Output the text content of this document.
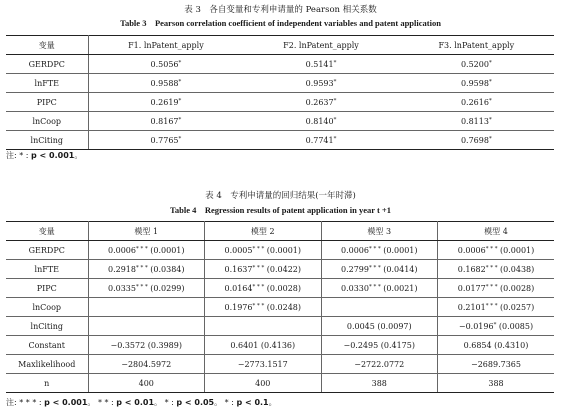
表 3　各自变量和专利申请量的 Pearson 相关系数
Table 3　Pearson correlation coefficient of independent variables and patent application
变量	F1. lnPatent_apply	F2. lnPatent_apply	F3. lnPatent_apply
GERDPC	0.5056*	0.5141*	0.5200*
lnFTE	0.9588*	0.9593*	0.9598*
PIPC	0.2619*	0.2637*	0.2616*
lnCoop	0.8167*	0.8140*	0.8113*
lnCiting	0.7765*	0.7741*	0.7698*
注: * : p < 0.001。
表 4　专利申请量的回归结果(一年时滞)
Table 4　Regression results of patent application in year t +1
变量	模型 1	模型 2	模型 3	模型 4
GERDPC	0.0006* * * (0.0001)	0.0005* * * (0.0001)	0.0006* * * (0.0001)	0.0006* * * (0.0001)
lnFTE	0.2918* * * (0.0384)	0.1637* * * (0.0422)	0.2799* * * (0.0414)	0.1682* * * (0.0438)
PIPC	0.0335* * * (0.0299)	0.0164* * * (0.0028)	0.0330* * * (0.0021)	0.0177* * * (0.0028)
lnCoop		0.1976* * * (0.0248)		0.2101* * * (0.0257)
lnCiting			0.0045 (0.0097)	−0.0196* (0.0085)
Constant	−0.3572 (0.3989)	0.6401 (0.4136)	−0.2495 (0.4175)	0.6854 (0.4310)
Maxlikelihood	−2804.5972	−2773.1517	−2722.0772	−2689.7365
n	400	400	388	388
注: * * * : p < 0.001。 * * : p < 0.01。 * : p < 0.05。 * : p < 0.1。
